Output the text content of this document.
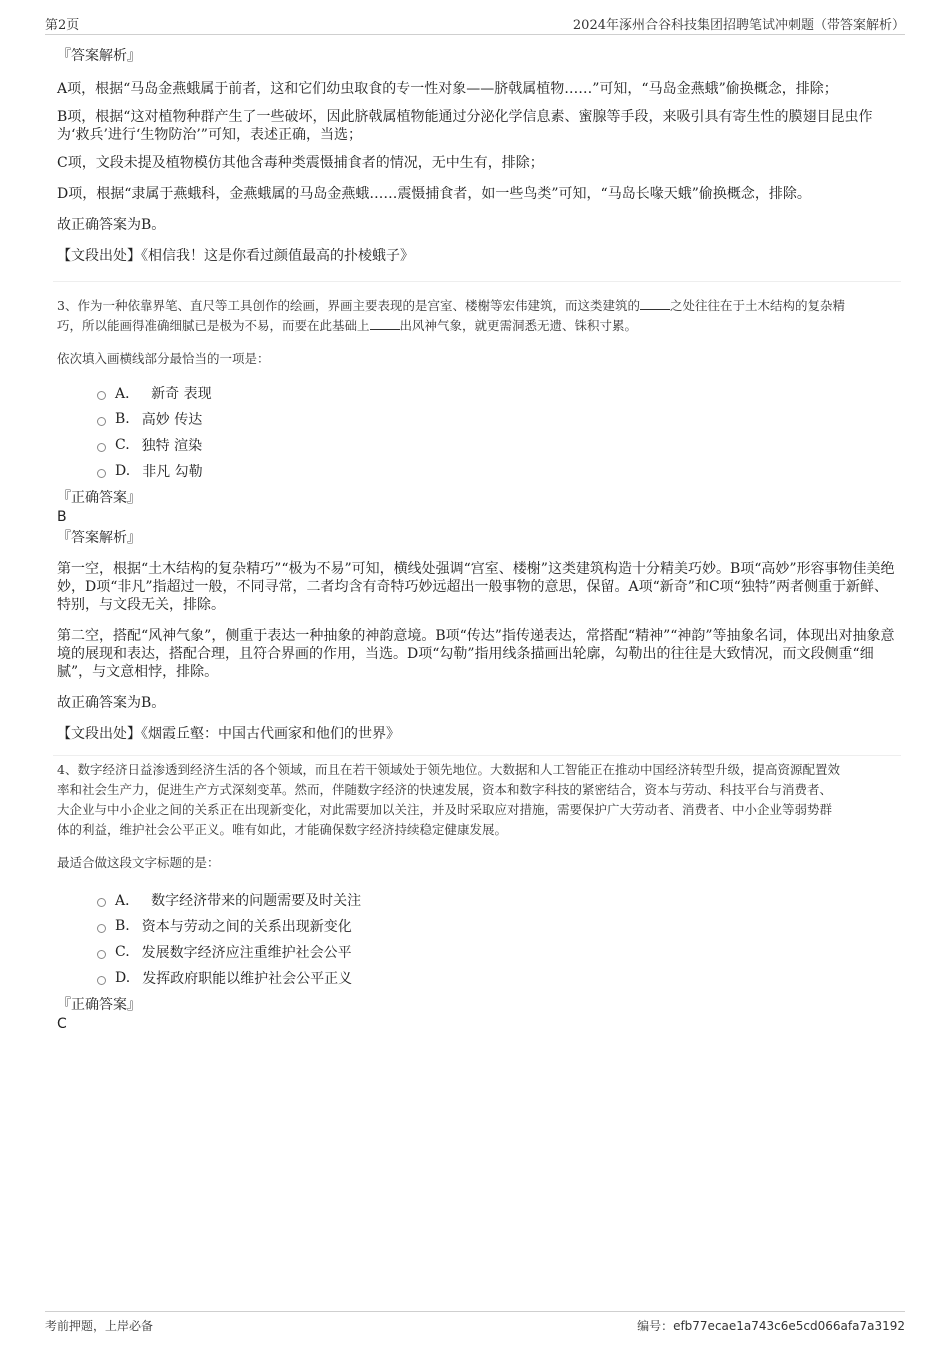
第2页	2024年涿州合谷科技集团招聘笔试冲刺题（带答案解析）
『答案解析』

A项，根据“马岛金燕蛾属于前者，这和它们幼虫取食的专一性对象——脐戟属植物……”可知，“马岛金燕蛾”偷换概念，排除；

B项，根据“这对植物种群产生了一些破坏，因此脐戟属植物能通过分泌化学信息素、蜜腺等手段，来吸引具有寄生性的膜翅目昆虫作为‘救兵’进行‘生物防治’”可知，表述正确，当选；

C项，文段未提及植物模仿其他含毒种类震慑捕食者的情况，无中生有，排除；

D项，根据“隶属于燕蛾科，金燕蛾属的马岛金燕蛾……震慑捕食者，如一些鸟类”可知，“马岛长喙天蛾”偷换概念，排除。

故正确答案为B。

【文段出处】《相信我！这是你看过颜值最高的扑棱蛾子》

3、作为一种依靠界笔、直尺等工具创作的绘画，界画主要表现的是宫室、楼榭等宏伟建筑，而这类建筑的 之处往往在于土木结构的复杂精
巧，所以能画得准确细腻已是极为不易，而要在此基础上 出风神气象，就更需洞悉无遗、铢积寸累。

依次填入画横线部分最恰当的一项是：

A． 新奇 表现
B. 高妙 传达
C. 独特 渲染
D. 非凡 勾勒
『正确答案』
B
『答案解析』

第一空，根据“土木结构的复杂精巧”“极为不易”可知，横线处强调“宫室、楼榭”这类建筑构造十分精美巧妙。B项“高妙”形容事物佳美绝妙，D项“非凡”指超过一般，不同寻常，二者均含有奇特巧妙远超出一般事物的意思，保留。A项“新奇”和C项“独特”两者侧重于新鲜、特别，与文段无关，排除。

第二空，搭配“风神气象”，侧重于表达一种抽象的神韵意境。B项“传达”指传递表达，常搭配“精神”“神韵”等抽象名词，体现出对抽象意境的展现和表达，搭配合理，且符合界画的作用，当选。D项“勾勒”指用线条描画出轮廓，勾勒出的往往是大致情况，而文段侧重“细腻”，与文意相悖，排除。

故正确答案为B。

【文段出处】《烟霞丘壑：中国古代画家和他们的世界》

4、数字经济日益渗透到经济生活的各个领域，而且在若干领域处于领先地位。大数据和人工智能正在推动中国经济转型升级，提高资源配置效
率和社会生产力，促进生产方式深刻变革。然而，伴随数字经济的快速发展，资本和数字科技的紧密结合，资本与劳动、科技平台与消费者、
大企业与中小企业之间的关系正在出现新变化，对此需要加以关注，并及时采取应对措施，需要保护广大劳动者、消费者、中小企业等弱势群
体的利益，维护社会公平正义。唯有如此，才能确保数字经济持续稳定健康发展。

最适合做这段文字标题的是：

A． 数字经济带来的问题需要及时关注
B. 资本与劳动之间的关系出现新变化
C. 发展数字经济应注重维护社会公平
D. 发挥政府职能以维护社会公平正义
『正确答案』
C
考前押题，上岸必备	编号：efb77ecae1a743c6e5cd066afa7a3192
